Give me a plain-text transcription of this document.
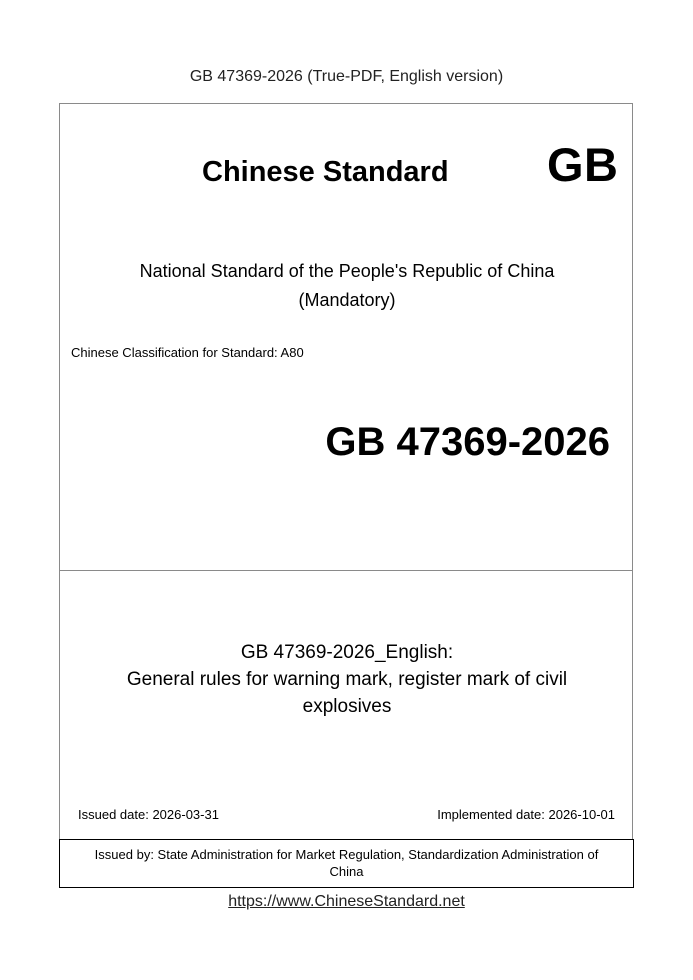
GB 47369-2026 (True-PDF, English version)
Chinese Standard GB
National Standard of the People's Republic of China
(Mandatory)
Chinese Classification for Standard: A80
GB 47369-2026
GB 47369-2026_English:
General rules for warning mark, register mark of civil
explosives
Issued date: 2026-03-31	Implemented date: 2026-10-01
Issued by: State Administration for Market Regulation, Standardization Administration of
China
https://www.ChineseStandard.net
